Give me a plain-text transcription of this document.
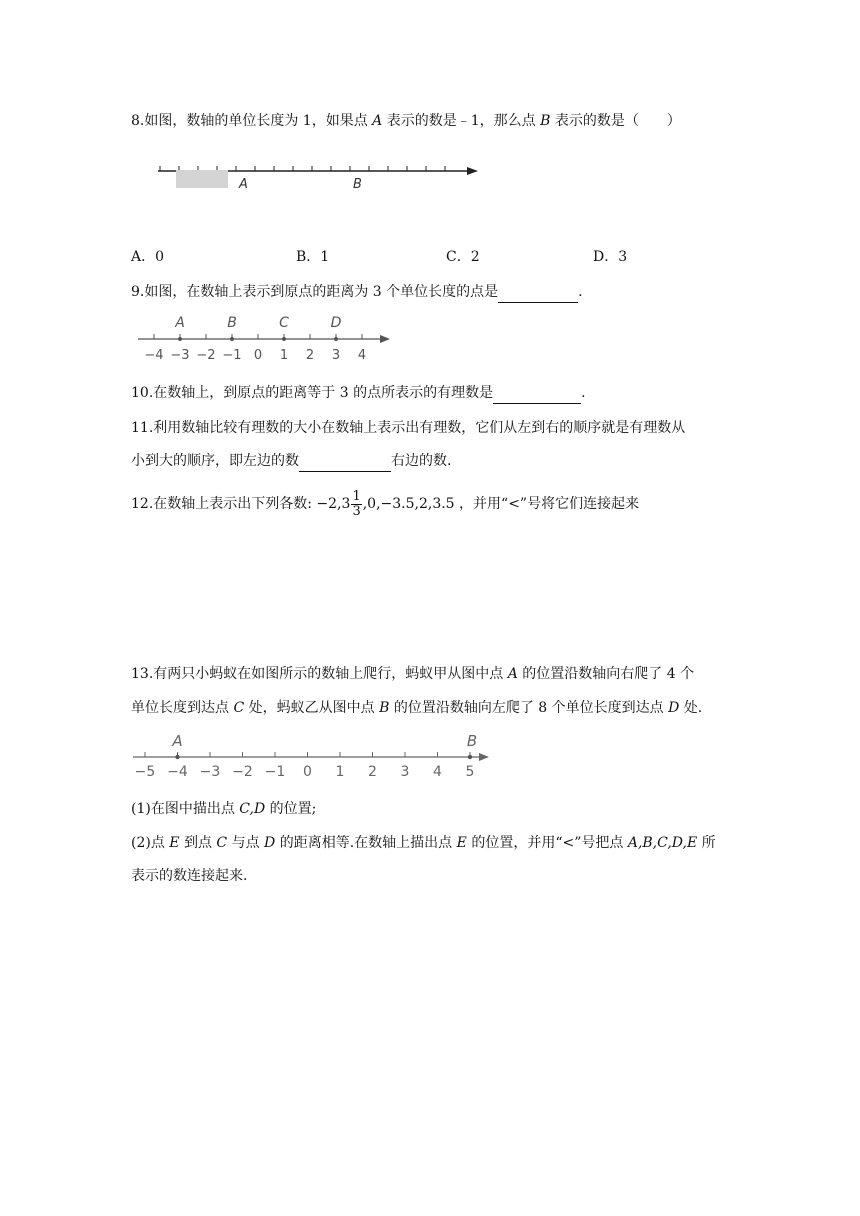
8.如图，数轴的单位长度为 1，如果点 A 表示的数是﹣1，那么点 B 表示的数是（　　）
A	B
A．0	B．1	C．2	D．3
9.如图，在数轴上表示到原点的距离为 3 个单位长度的点是	.
A	B	C	D
−4 −3 −2 −1 0 1 2 3 4
10.在数轴上，到原点的距离等于 3 的点所表示的有理数是	.
11.利用数轴比较有理数的大小在数轴上表示出有理数，它们从左到右的顺序就是有理数从
小到大的顺序，即左边的数	右边的数.
12.在数轴上表示出下列各数: $-2,3 \frac{1}{3} ,0,-3.5,2,3.5$ ，并用“<”号将它们连接起来
13.有两只小蚂蚁在如图所示的数轴上爬行，蚂蚁甲从图中点 A 的位置沿数轴向右爬了 4 个
单位长度到达点 C 处，蚂蚁乙从图中点 B 的位置沿数轴向左爬了 8 个单位长度到达点 D 处.
A	B
−5 −4 −3 −2 −1 0 1 2 3 4 5
(1)在图中描出点 C,D 的位置;
(2)点 E 到点 C 与点 D 的距离相等.在数轴上描出点 E 的位置，并用“<”号把点 A,B,C,D,E 所
表示的数连接起来.
